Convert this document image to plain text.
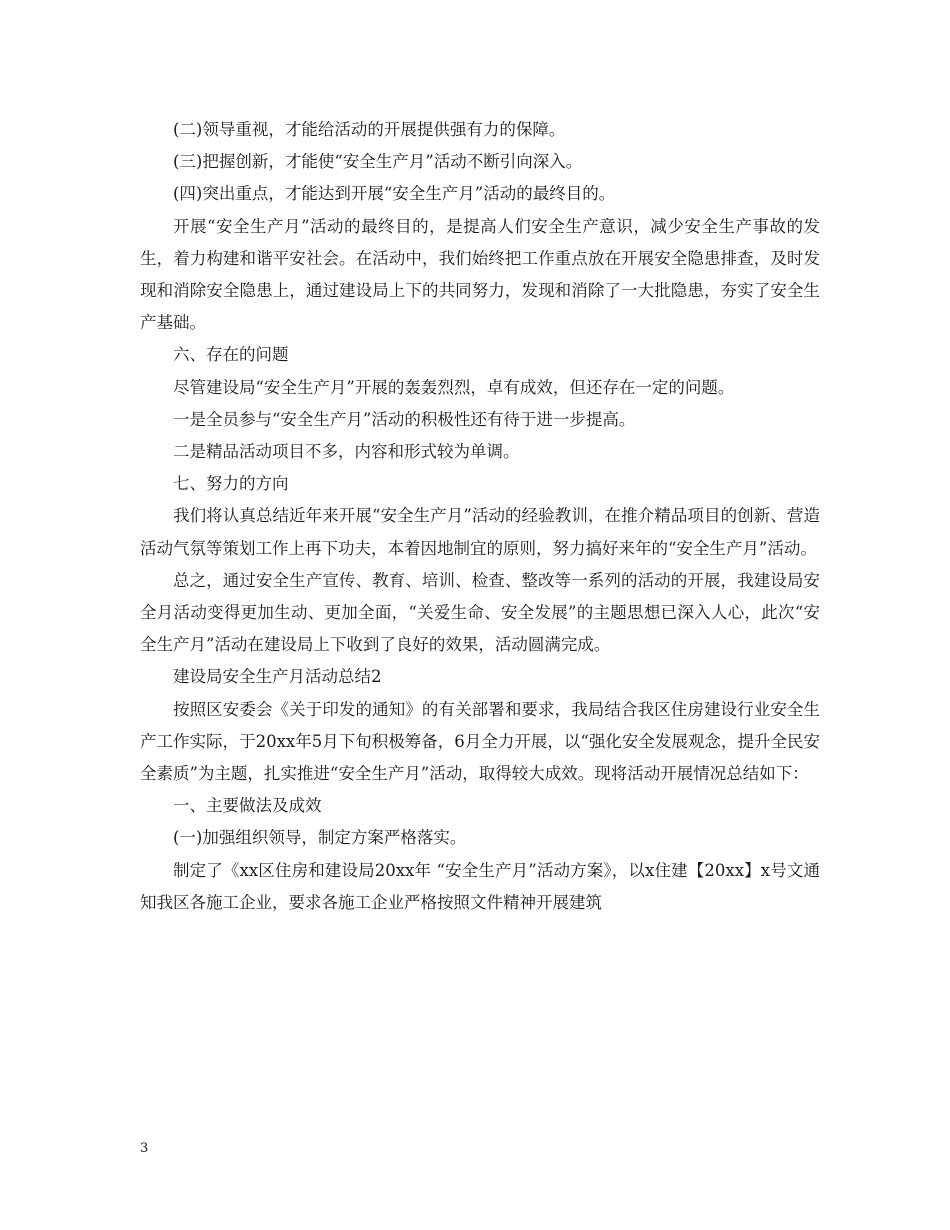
(二)领导重视，才能给活动的开展提供强有力的保障。

(三)把握创新，才能使“安全生产月”活动不断引向深入。

(四)突出重点，才能达到开展“安全生产月”活动的最终目的。

开展“安全生产月”活动的最终目的，是提高人们安全生产意识，减少安全生产事故的发生，着力构建和谐平安社会。在活动中，我们始终把工作重点放在开展安全隐患排查，及时发现和消除安全隐患上，通过建设局上下的共同努力，发现和消除了一大批隐患，夯实了安全生产基础。

六、存在的问题

尽管建设局“安全生产月”开展的轰轰烈烈，卓有成效，但还存在一定的问题。

一是全员参与“安全生产月”活动的积极性还有待于进一步提高。

二是精品活动项目不多，内容和形式较为单调。

七、努力的方向

我们将认真总结近年来开展“安全生产月”活动的经验教训，在推介精品项目的创新、营造活动气氛等策划工作上再下功夫，本着因地制宜的原则，努力搞好来年的“安全生产月”活动。

总之，通过安全生产宣传、教育、培训、检查、整改等一系列的活动的开展，我建设局安全月活动变得更加生动、更加全面，“关爱生命、安全发展”的主题思想已深入人心，此次“安全生产月”活动在建设局上下收到了良好的效果，活动圆满完成。

建设局安全生产月活动总结2

按照区安委会《关于印发的通知》的有关部署和要求，我局结合我区住房建设行业安全生产工作实际，于20xx年5月下旬积极筹备，6月全力开展，以“强化安全发展观念，提升全民安全素质”为主题，扎实推进“安全生产月”活动，取得较大成效。现将活动开展情况总结如下：

一、主要做法及成效

(一)加强组织领导，制定方案严格落实。

制定了《xx区住房和建设局20xx年 “安全生产月”活动方案》，以x住建【20xx】x号文通知我区各施工企业，要求各施工企业严格按照文件精神开展建筑

3
